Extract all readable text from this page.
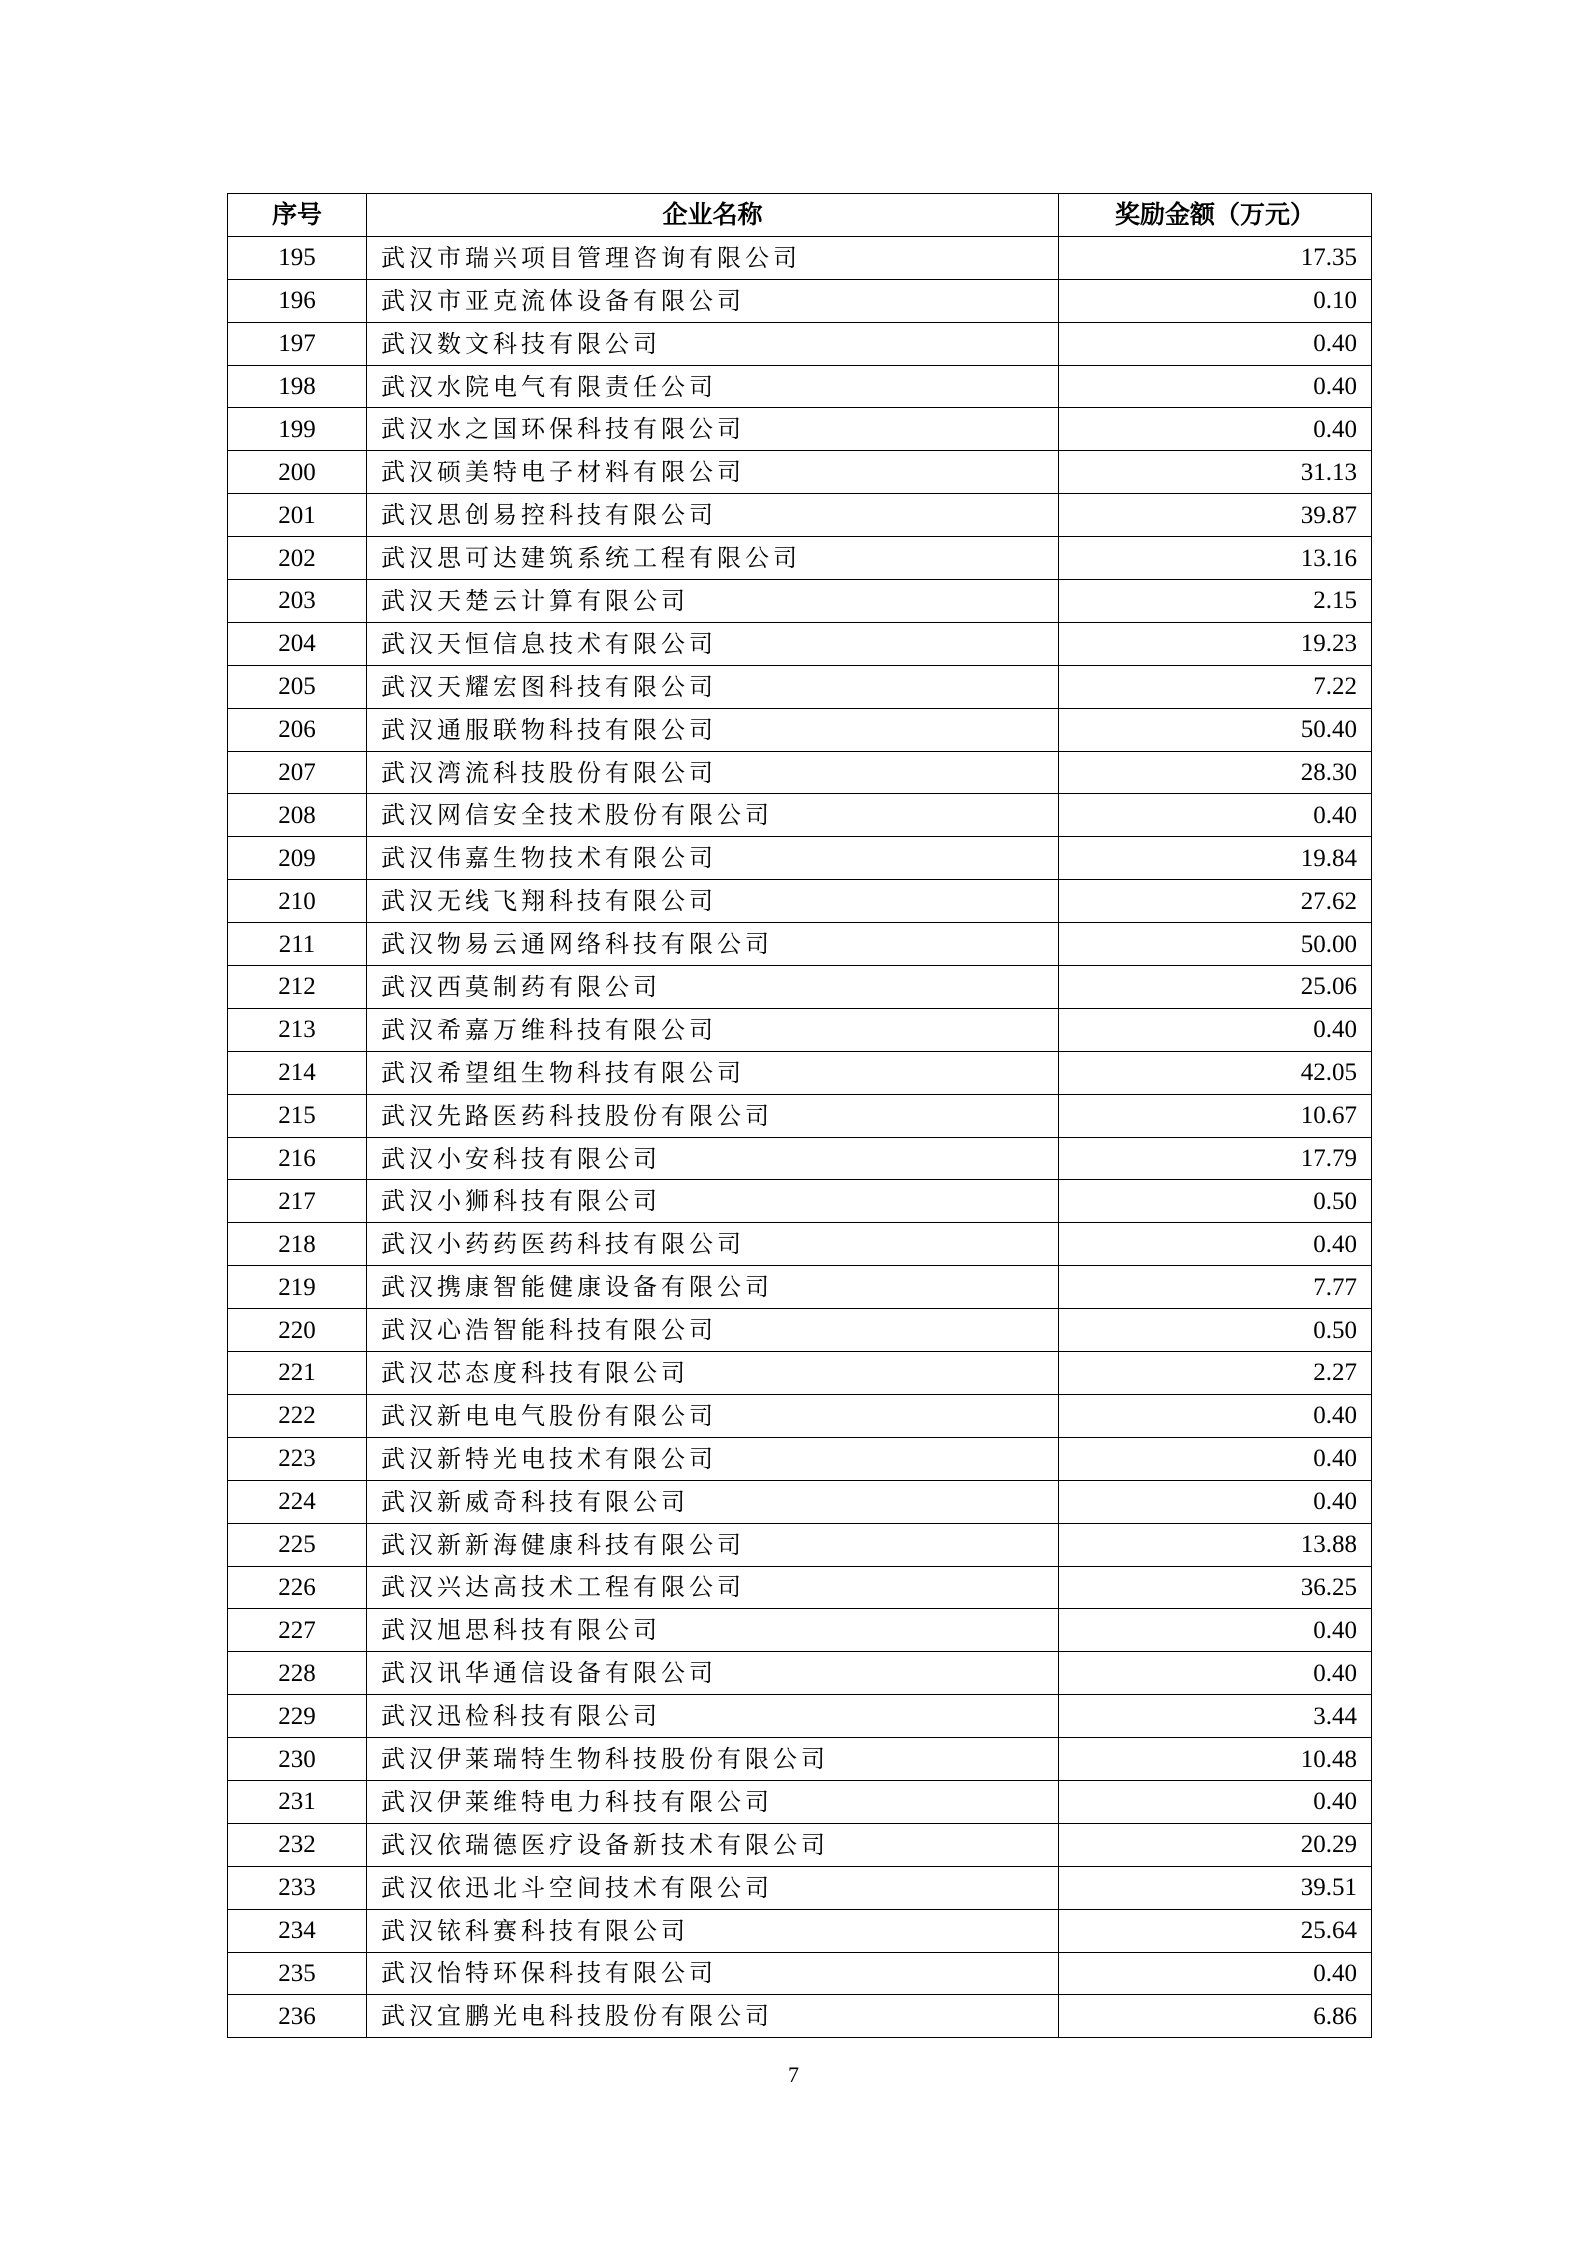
序号	企业名称	奖励金额（万元）
195	武汉市瑞兴项目管理咨询有限公司	17.35
196	武汉市亚克流体设备有限公司	0.10
197	武汉数文科技有限公司	0.40
198	武汉水院电气有限责任公司	0.40
199	武汉水之国环保科技有限公司	0.40
200	武汉硕美特电子材料有限公司	31.13
201	武汉思创易控科技有限公司	39.87
202	武汉思可达建筑系统工程有限公司	13.16
203	武汉天楚云计算有限公司	2.15
204	武汉天恒信息技术有限公司	19.23
205	武汉天耀宏图科技有限公司	7.22
206	武汉通服联物科技有限公司	50.40
207	武汉湾流科技股份有限公司	28.30
208	武汉网信安全技术股份有限公司	0.40
209	武汉伟嘉生物技术有限公司	19.84
210	武汉无线飞翔科技有限公司	27.62
211	武汉物易云通网络科技有限公司	50.00
212	武汉西莫制药有限公司	25.06
213	武汉希嘉万维科技有限公司	0.40
214	武汉希望组生物科技有限公司	42.05
215	武汉先路医药科技股份有限公司	10.67
216	武汉小安科技有限公司	17.79
217	武汉小狮科技有限公司	0.50
218	武汉小药药医药科技有限公司	0.40
219	武汉携康智能健康设备有限公司	7.77
220	武汉心浩智能科技有限公司	0.50
221	武汉芯态度科技有限公司	2.27
222	武汉新电电气股份有限公司	0.40
223	武汉新特光电技术有限公司	0.40
224	武汉新威奇科技有限公司	0.40
225	武汉新新海健康科技有限公司	13.88
226	武汉兴达高技术工程有限公司	36.25
227	武汉旭思科技有限公司	0.40
228	武汉讯华通信设备有限公司	0.40
229	武汉迅检科技有限公司	3.44
230	武汉伊莱瑞特生物科技股份有限公司	10.48
231	武汉伊莱维特电力科技有限公司	0.40
232	武汉依瑞德医疗设备新技术有限公司	20.29
233	武汉依迅北斗空间技术有限公司	39.51
234	武汉铱科赛科技有限公司	25.64
235	武汉怡特环保科技有限公司	0.40
236	武汉宜鹏光电科技股份有限公司	6.86
7
